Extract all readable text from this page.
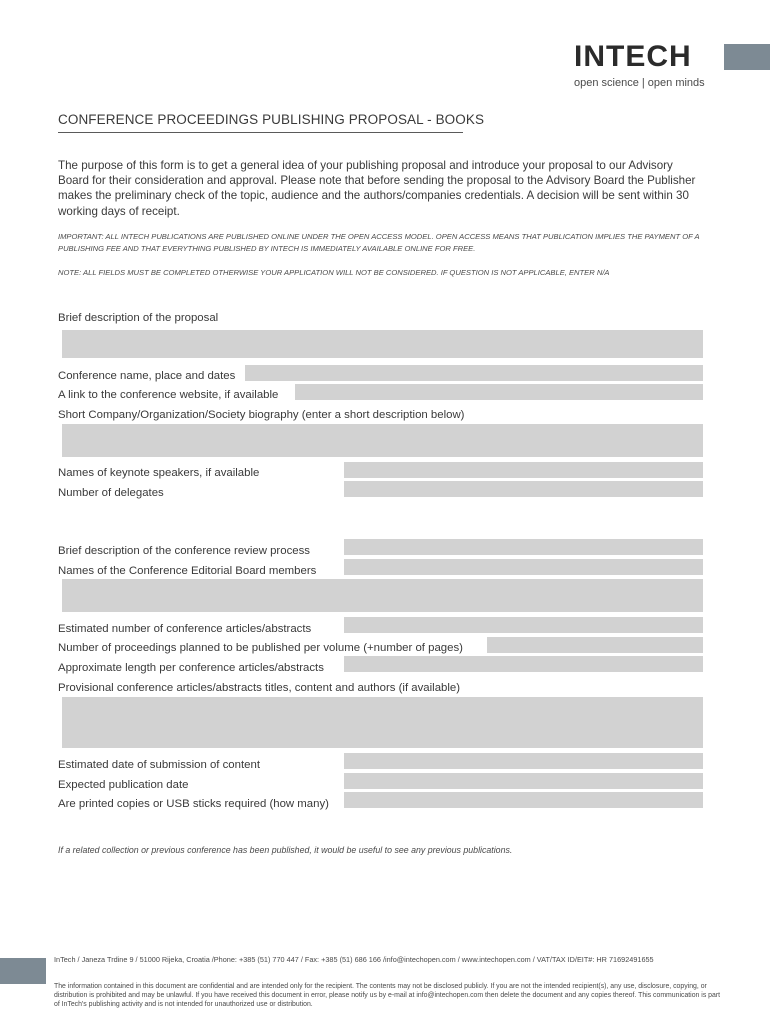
INTECH
open science | open minds
CONFERENCE PROCEEDINGS PUBLISHING PROPOSAL - BOOKS
The purpose of this form is to get a general idea of your publishing proposal and introduce your proposal to our Advisory Board for their consideration and approval. Please note that before sending the proposal to the Advisory Board the Publisher makes the preliminary check of the topic, audience and the authors/companies credentials. A decision will be sent within 30 working days of receipt.
IMPORTANT: ALL INTECH PUBLICATIONS ARE PUBLISHED ONLINE UNDER THE OPEN ACCESS MODEL. OPEN ACCESS MEANS THAT PUBLICATION IMPLIES THE PAYMENT OF A PUBLISHING FEE AND THAT EVERYTHING PUBLISHED BY INTECH IS IMMEDIATELY AVAILABLE ONLINE FOR FREE.
NOTE: ALL FIELDS MUST BE COMPLETED OTHERWISE YOUR APPLICATION WILL NOT BE CONSIDERED. IF QUESTION IS NOT APPLICABLE, ENTER N/A
Brief description of the proposal
Conference name, place and dates
A link to the conference website, if available
Short Company/Organization/Society biography (enter a short description below)
Names of keynote speakers, if available
Number of delegates
Brief description of the conference review process
Names of the Conference Editorial Board members
Estimated number of conference articles/abstracts
Number of proceedings planned to be published per volume (+number of pages)
Approximate length per conference articles/abstracts
Provisional conference articles/abstracts titles, content and authors (if available)
Estimated date of submission of content
Expected publication date
Are printed copies or USB sticks required (how many)
If a related collection or previous conference has been published, it would be useful to see any previous publications.
InTech / Janeza Trdine 9 / 51000 Rijeka, Croatia /Phone: +385 (51) 770 447 / Fax: +385 (51) 686 166 /info@intechopen.com / www.intechopen.com / VAT/TAX ID/EIT#: HR 71692491655
The information contained in this document are confidential and are intended only for the recipient. The contents may not be disclosed publicly. If you are not the intended recipient(s), any use, disclosure, copying, or distribution is prohibited and may be unlawful. If you have received this document in error, please notify us by e-mail at info@intechopen.com then delete the document and any copies thereof. This communication is part of InTech's publishing activity and is not intended for unauthorized use or distribution.
